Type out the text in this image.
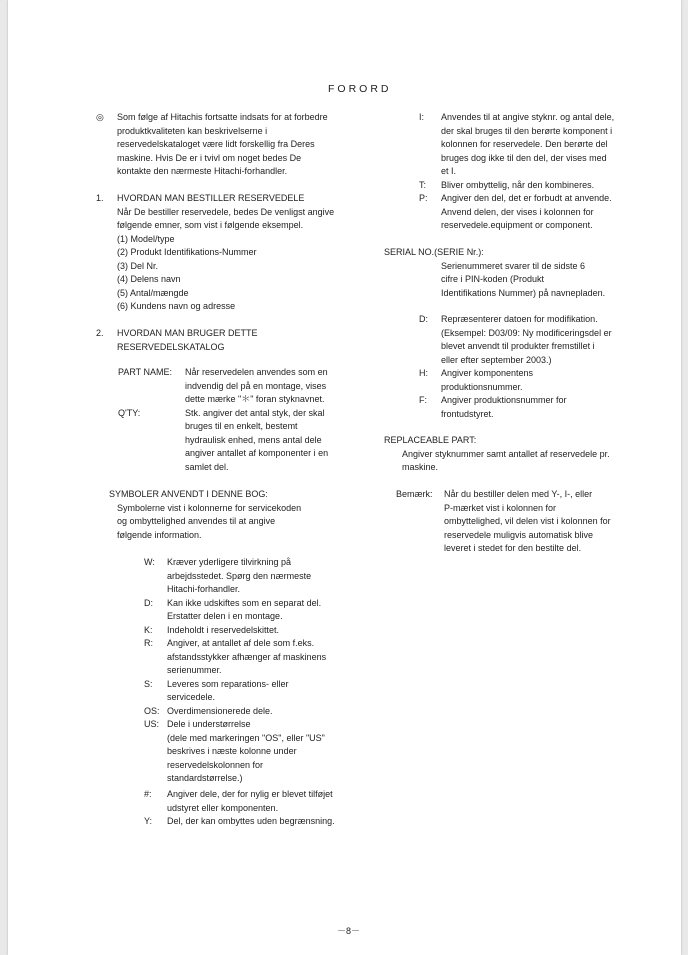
FORORD
◎ Som følge af Hitachis fortsatte indsats for at forbedre
produktkvaliteten kan beskrivelserne i
reservedelskataloget være lidt forskellig fra Deres
maskine. Hvis De er i tvivl om noget bedes De
kontakte den nærmeste Hitachi-forhandler.
1. HVORDAN MAN BESTILLER RESERVEDELE
Når De bestiller reservedele, bedes De venligst angive
følgende emner, som vist i følgende eksempel.
(1) Model/type
(2) Produkt Identifikations-Nummer
(3) Del Nr.
(4) Delens navn
(5) Antal/mængde
(6) Kundens navn og adresse
2. HVORDAN MAN BRUGER DETTE
RESERVEDELSKATALOG
PART NAME: Når reservedelen anvendes som en
indvendig del på en montage, vises
dette mærke "＊" foran styknavnet.
Q'TY:	Stk. angiver det antal styk, der skal
bruges til en enkelt, bestemt
hydraulisk enhed, mens antal dele
angiver antallet af komponenter i en
samlet del.
SYMBOLER ANVENDT I DENNE BOG:
Symbolerne vist i kolonnerne for servicekoden
og ombyttelighed anvendes til at angive
følgende information.
W: Kræver yderligere tilvirkning på
arbejdsstedet. Spørg den nærmeste
Hitachi-forhandler.
D: Kan ikke udskiftes som en separat del.
Erstatter delen i en montage.
K: Indeholdt i reservedelskittet.
R: Angiver, at antallet af dele som f.eks.
afstandsstykker afhænger af maskinens
serienummer.
S: Leveres som reparations- eller
servicedele.
OS: Overdimensionerede dele.
US: Dele i understørrelse
(dele med markeringen "OS", eller "US"
beskrives i næste kolonne under
reservedelskolonnen for
standardstørrelse.)
#: Angiver dele, der for nylig er blevet tilføjet
udstyret eller komponenten.
Y: Del, der kan ombyttes uden begrænsning.
I: Anvendes til at angive styknr. og antal dele,
der skal bruges til den berørte komponent i
kolonnen for reservedele. Den berørte del
bruges dog ikke til den del, der vises med
et I.
T: Bliver ombyttelig, når den kombineres.
P: Angiver den del, det er forbudt at anvende.
Anvend delen, der vises i kolonnen for
reservedele.equipment or component.
SERIAL NO.(SERIE Nr.):
Serienummeret svarer til de sidste 6
cifre i PIN-koden (Produkt
Identifikations Nummer) på navnepladen.
D: Repræsenterer datoen for modifikation.
(Eksempel: D03/09: Ny modificeringsdel er
blevet anvendt til produkter fremstillet i
eller efter september 2003.)
H: Angiver komponentens
produktionsnummer.
F: Angiver produktionsnummer for
frontudstyret.
REPLACEABLE PART:
Angiver styknummer samt antallet af reservedele pr.
maskine.
Bemærk: Når du bestiller delen med Y-, I-, eller
P-mærket vist i kolonnen for
ombyttelighed, vil delen vist i kolonnen for
reservedele muligvis automatisk blive
leveret i stedet for den bestilte del.
－8－
